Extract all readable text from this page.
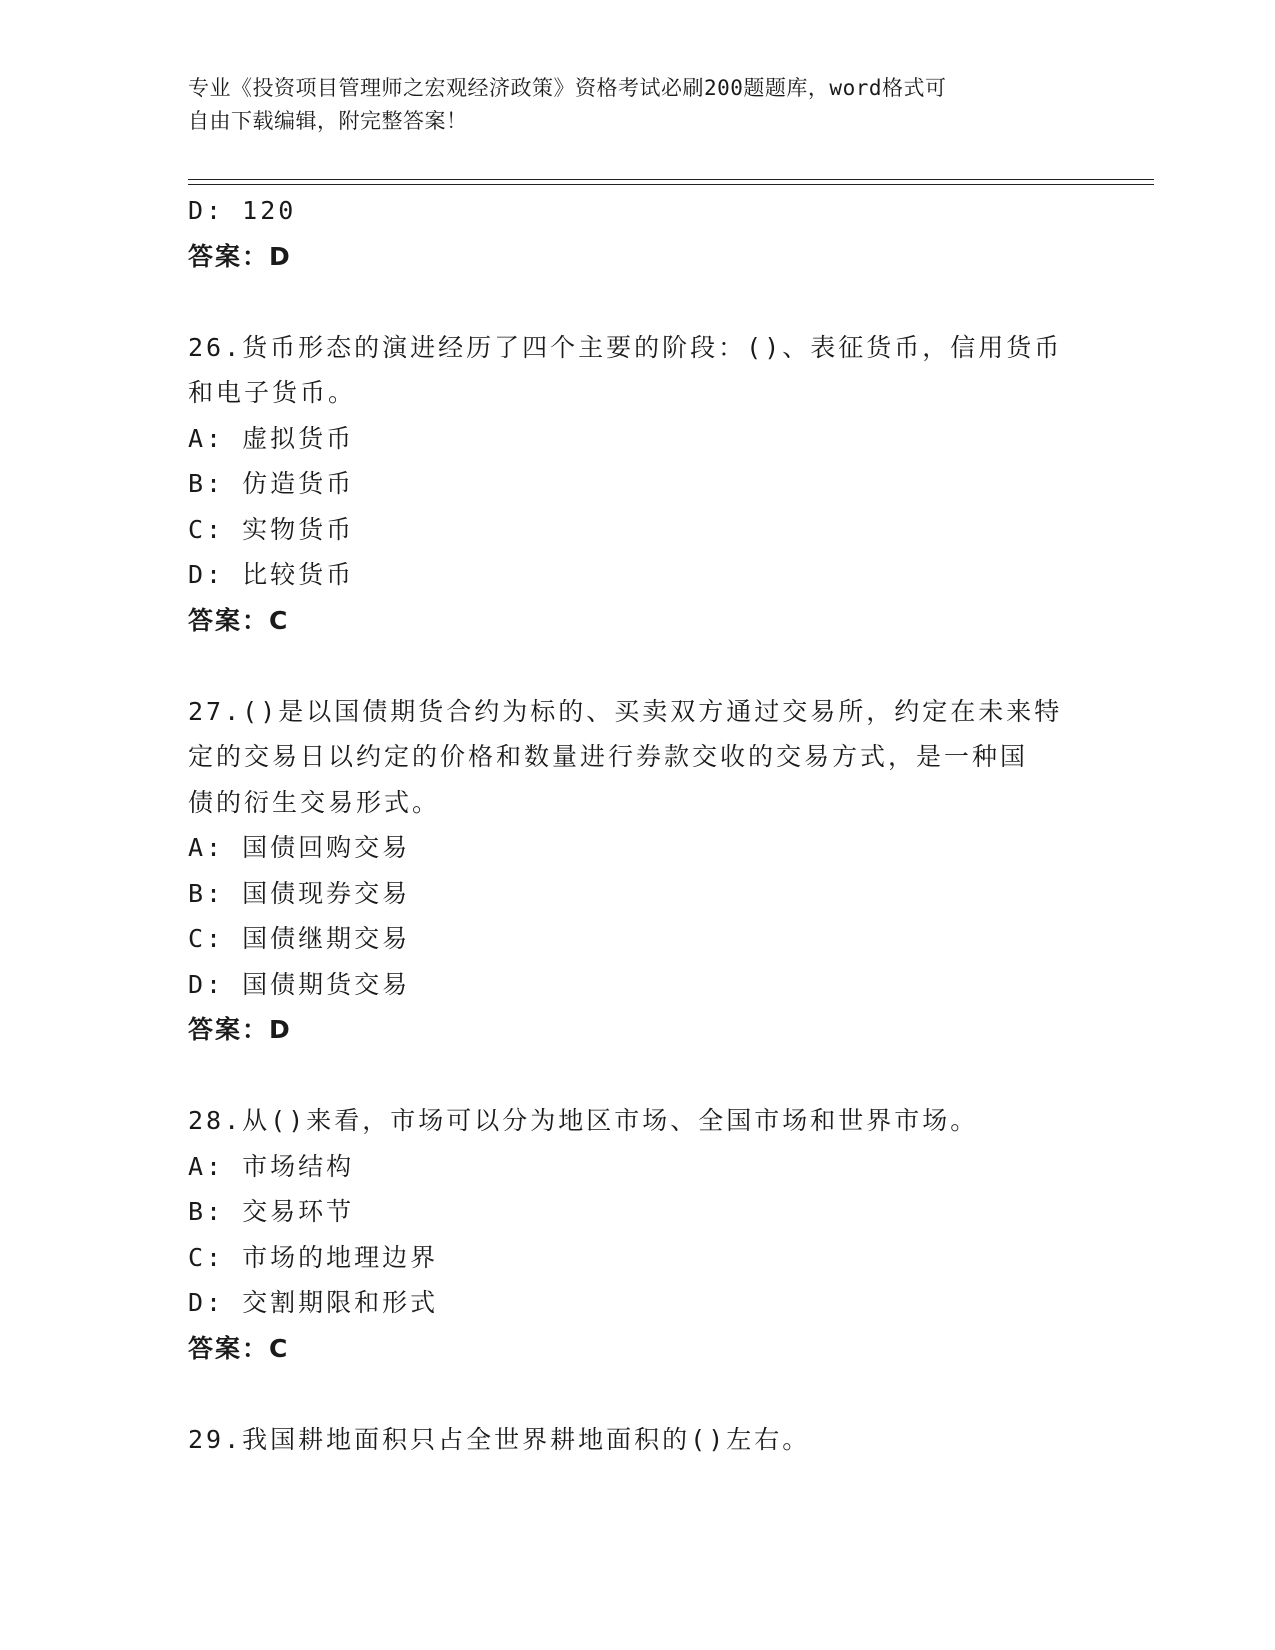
专业《投资项目管理师之宏观经济政策》资格考试必刷200题题库，word格式可
自由下载编辑，附完整答案！
D: 120
答案：D
26.货币形态的演进经历了四个主要的阶段：()、表征货币，信用货币
和电子货币。
A: 虚拟货币
B: 仿造货币
C: 实物货币
D: 比较货币
答案：C
27.()是以国债期货合约为标的、买卖双方通过交易所，约定在未来特
定的交易日以约定的价格和数量进行券款交收的交易方式，是一种国
债的衍生交易形式。
A: 国债回购交易
B: 国债现券交易
C: 国债继期交易
D: 国债期货交易
答案：D
28.从()来看，市场可以分为地区市场、全国市场和世界市场。
A: 市场结构
B: 交易环节
C: 市场的地理边界
D: 交割期限和形式
答案：C
29.我国耕地面积只占全世界耕地面积的()左右。
